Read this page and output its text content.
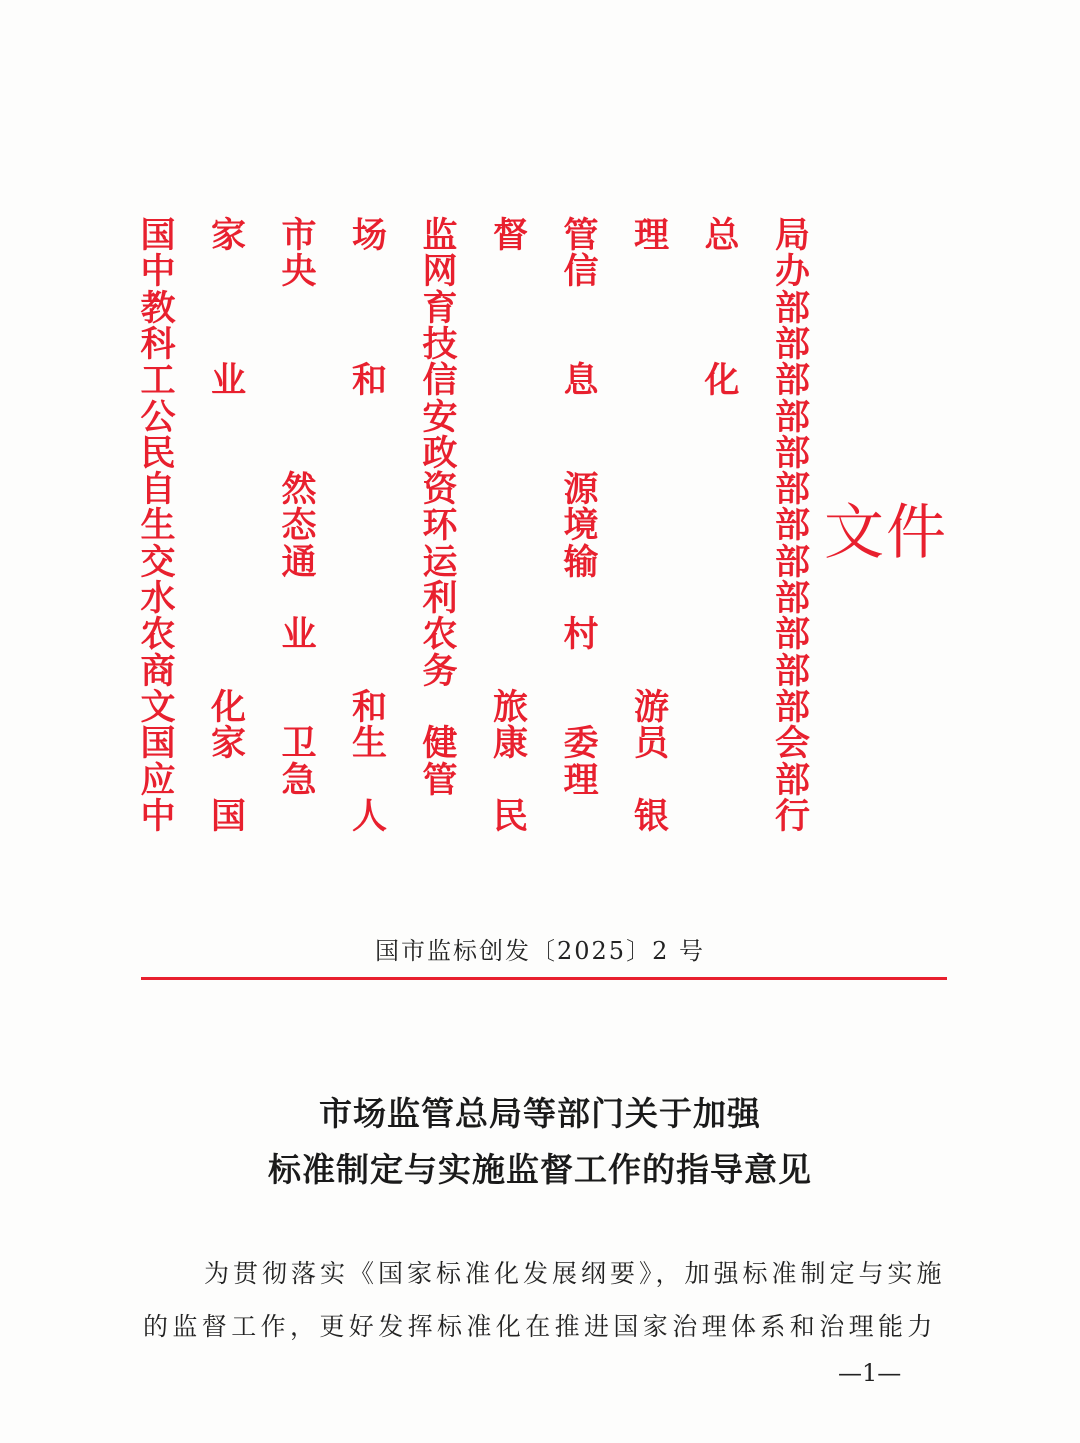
国 家 市 场 监 督 管 理 总 局
中	央	网	信	办
教	育	部
科	技	部
工 业	和 信	息	化 部
公	安	部
民	政	部
自	然	资	源	部
生	态	环	境	部
交	通	运	输	部
水	利	部
农	业	农	村	部
商	务	部
文 化	和	旅	游	部
国 家 卫 生 健 康 委 员	会
应	急	管	理	部
中 国	人	民	银	行
文件
国市监标创发〔2025〕2 号
市场监管总局等部门关于加强
标准制定与实施监督工作的指导意见
为贯彻落实《国家标准化发展纲要》，加强标准制定与实施
的监督工作，更好发挥标准化在推进国家治理体系和治理能力
—1—
